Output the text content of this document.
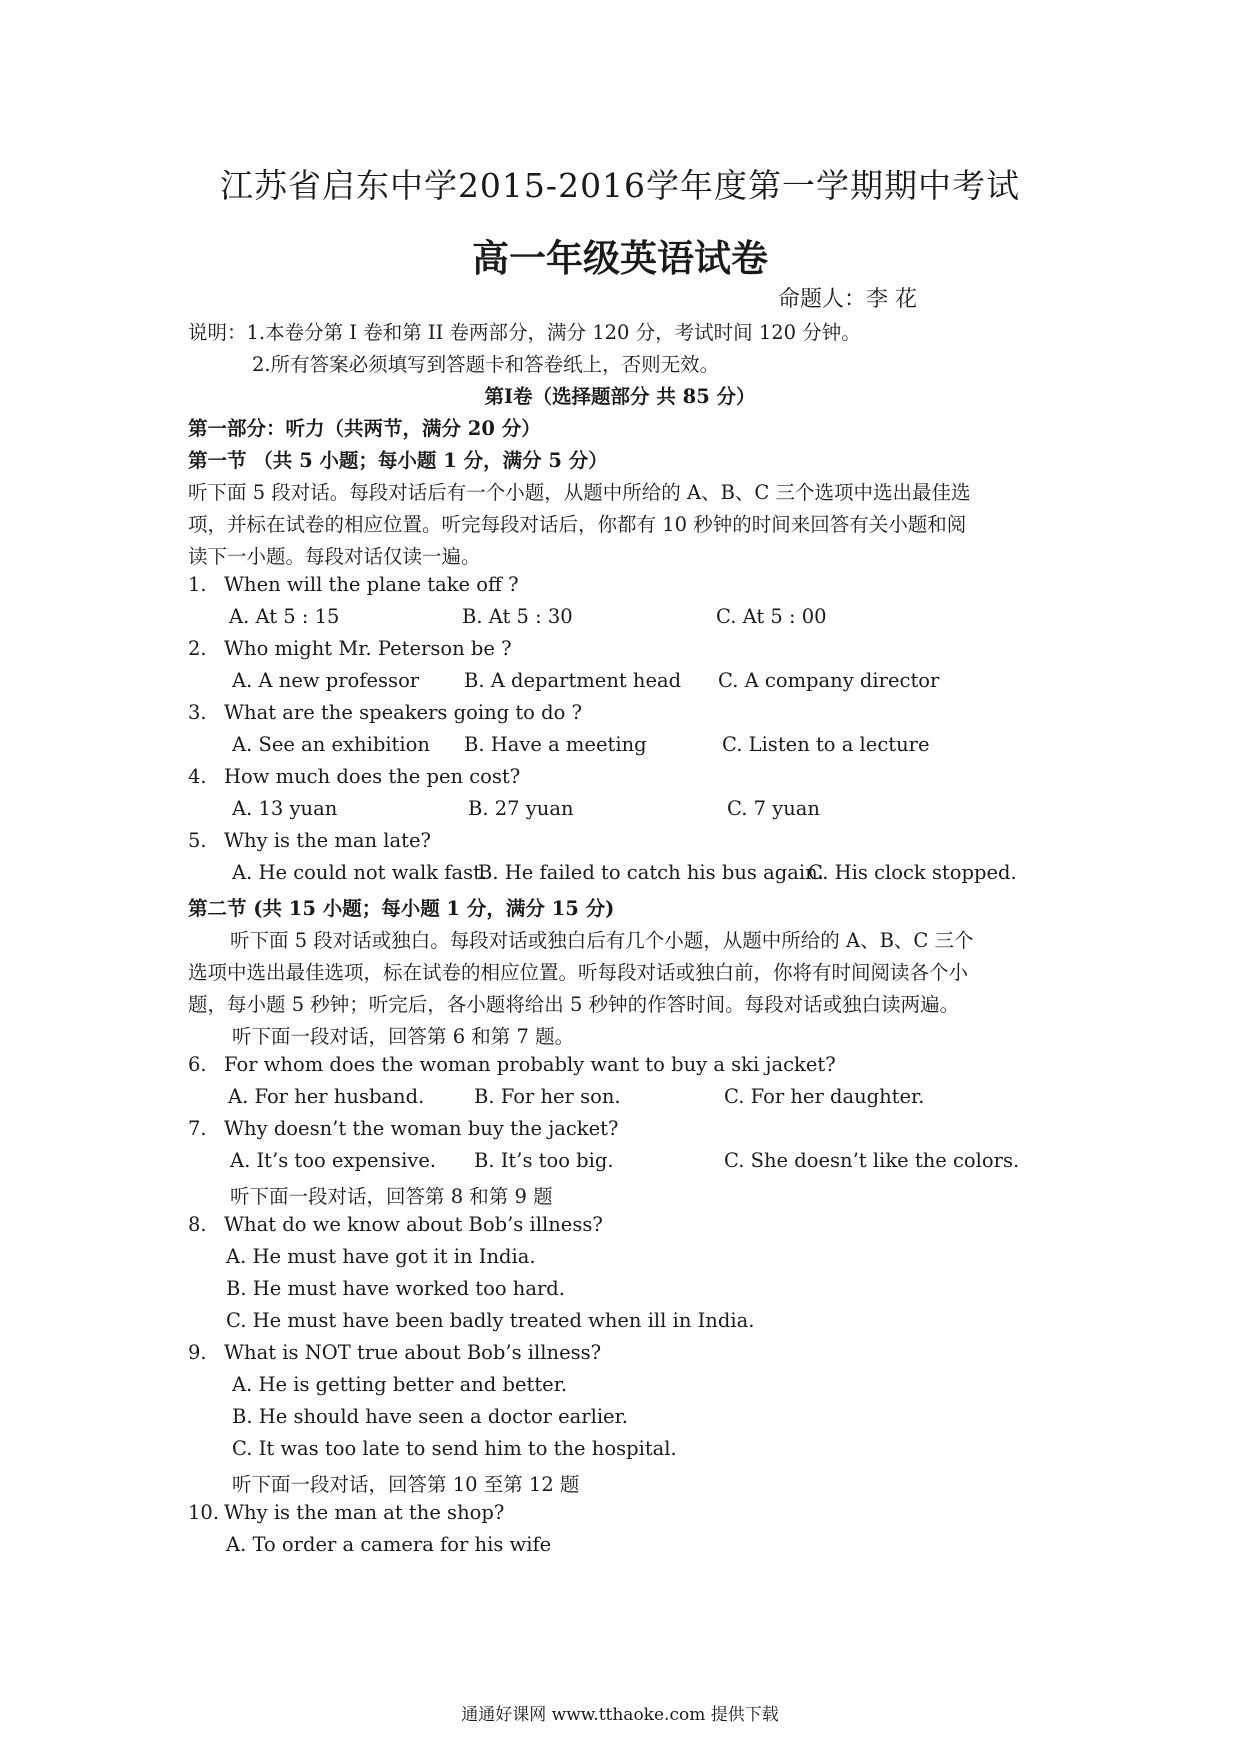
江苏省启东中学2015-2016学年度第一学期期中考试
高一年级英语试卷
命题人：李 花
说明：1.本卷分第 I 卷和第 II 卷两部分，满分 120 分，考试时间 120 分钟。
2.所有答案必须填写到答题卡和答卷纸上，否则无效。
第Ⅰ卷（选择题部分 共 85 分）
第一部分：听力（共两节，满分 20 分）
第一节 （共 5 小题；每小题 1 分，满分 5 分）
听下面 5 段对话。每段对话后有一个小题，从题中所给的 A、B、C 三个选项中选出最佳选
项，并标在试卷的相应位置。听完每段对话后，你都有 10 秒钟的时间来回答有关小题和阅
读下一小题。每段对话仅读一遍。
1. When will the plane take off ?
A. At 5 : 15	B. At 5 : 30	C. At 5 : 00
2. Who might Mr. Peterson be ?
A. A new professor B. A department head C. A company director
3. What are the speakers going to do ?
A. See an exhibition B. Have a meeting	C. Listen to a lecture
4. How much does the pen cost?
A. 13 yuan	B. 27 yuan	C. 7 yuan
5. Why is the man late?
A. He could not walk fast.
B. He failed to catch his bus again.
C. His clock stopped.
第二节 (共 15 小题；每小题 1 分，满分 15 分)
听下面 5 段对话或独白。每段对话或独白后有几个小题，从题中所给的 A、B、C 三个
选项中选出最佳选项，标在试卷的相应位置。听每段对话或独白前，你将有时间阅读各个小
题，每小题 5 秒钟；听完后，各小题将给出 5 秒钟的作答时间。每段对话或独白读两遍。
听下面一段对话，回答第 6 和第 7 题。
6. For whom does the woman probably want to buy a ski jacket?
A. For her husband.	B. For her son.	C. For her daughter.
7. Why doesn’t the woman buy the jacket?
A. It’s too expensive. B. It’s too big.	C. She doesn’t like the colors.
听下面一段对话，回答第 8 和第 9 题
8. What do we know about Bob’s illness?
A. He must have got it in India.
B. He must have worked too hard.
C. He must have been badly treated when ill in India.
9. What is NOT true about Bob’s illness?
A. He is getting better and better.
B. He should have seen a doctor earlier.
C. It was too late to send him to the hospital.
听下面一段对话，回答第 10 至第 12 题
10. Why is the man at the shop?
A. To order a camera for his wife
通通好课网 www.tthaoke.com 提供下载
